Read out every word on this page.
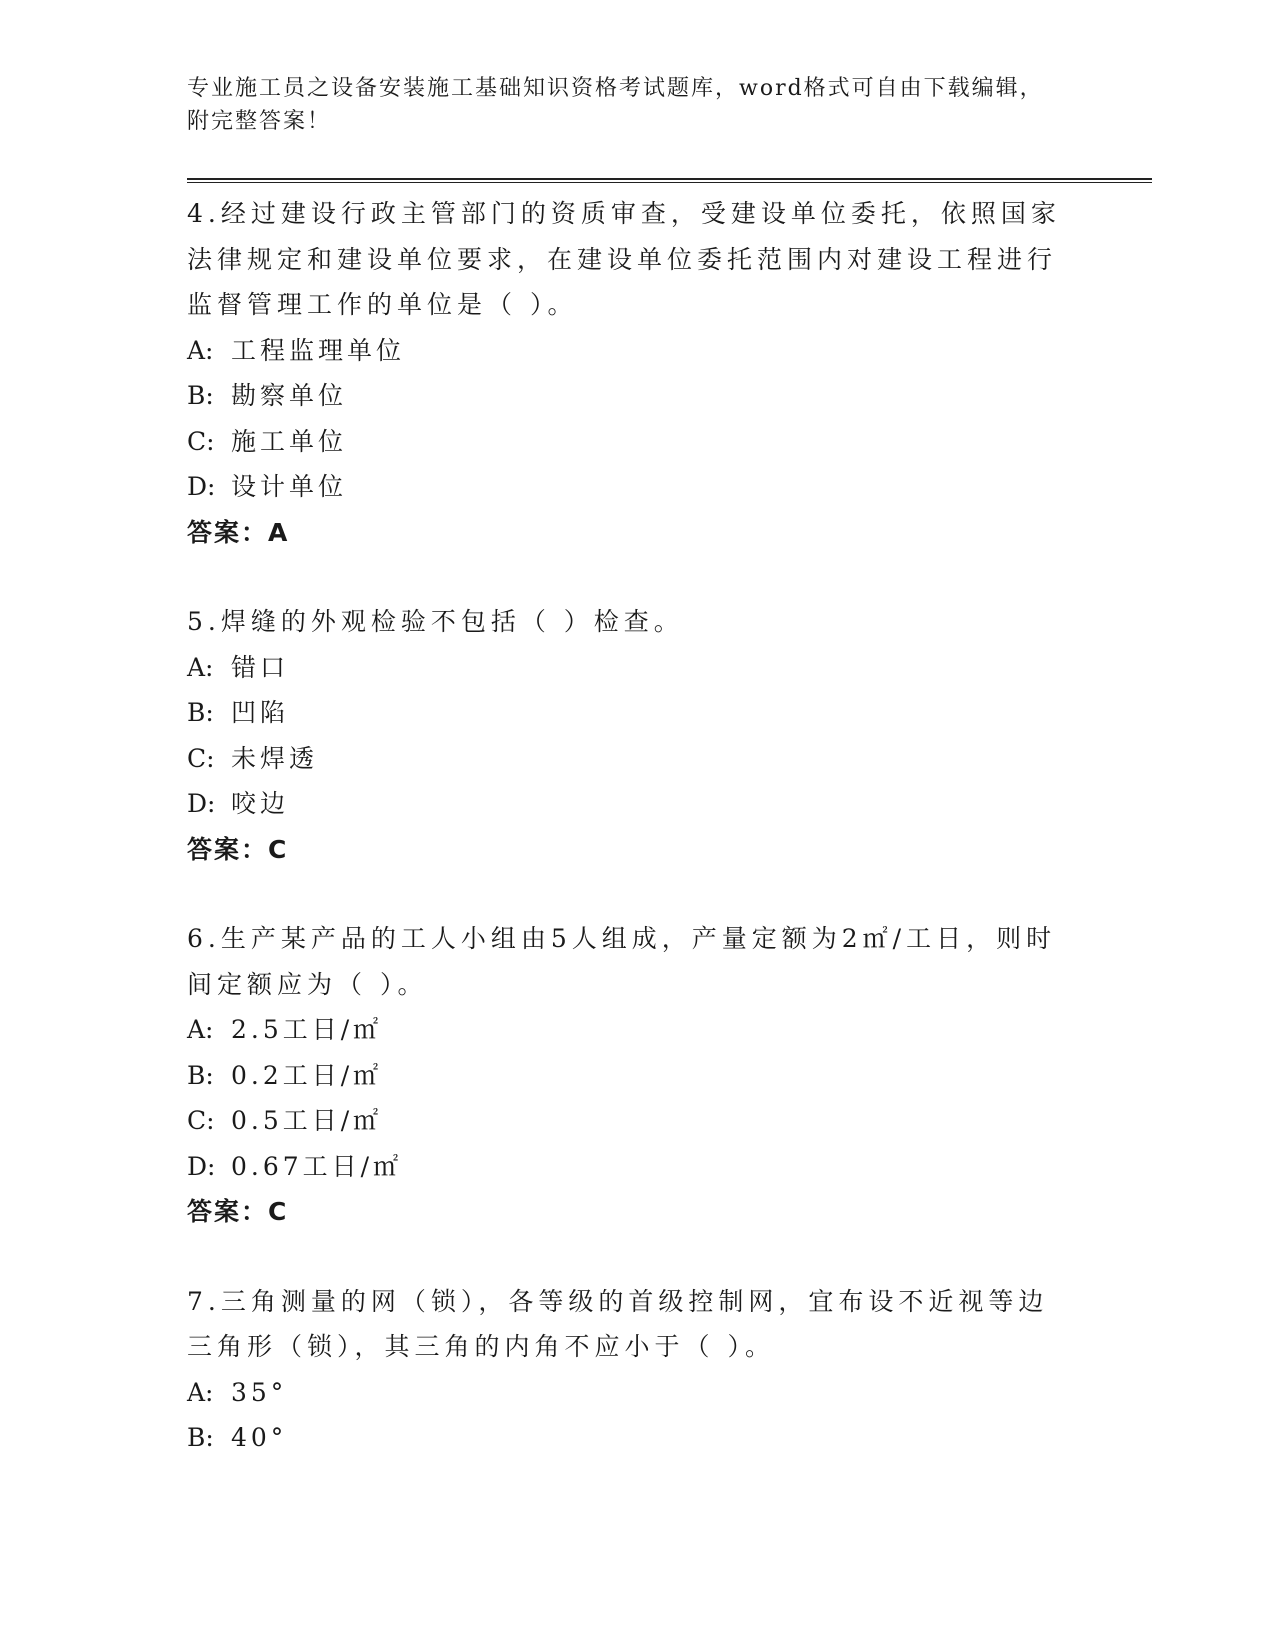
专业施工员之设备安装施工基础知识资格考试题库，word格式可自由下载编辑，附完整答案！

4.经过建设行政主管部门的资质审查，受建设单位委托，依照国家法律规定和建设单位要求，在建设单位委托范围内对建设工程进行监督管理工作的单位是（ ）。

A: 工程监理单位

B: 勘察单位

C: 施工单位

D: 设计单位

答案：A

5.焊缝的外观检验不包括（ ）检查。

A: 错口

B: 凹陷

C: 未焊透

D: 咬边

答案：C

6.生产某产品的工人小组由5人组成，产量定额为2㎡/工日，则时间定额应为（ ）。

A: 2.5工日/㎡

B: 0.2工日/㎡

C: 0.5工日/㎡

D: 0.67工日/㎡

答案：C

7.三角测量的网（锁），各等级的首级控制网，宜布设不近视等边三角形（锁），其三角的内角不应小于（ ）。

A: 35°

B: 40°
